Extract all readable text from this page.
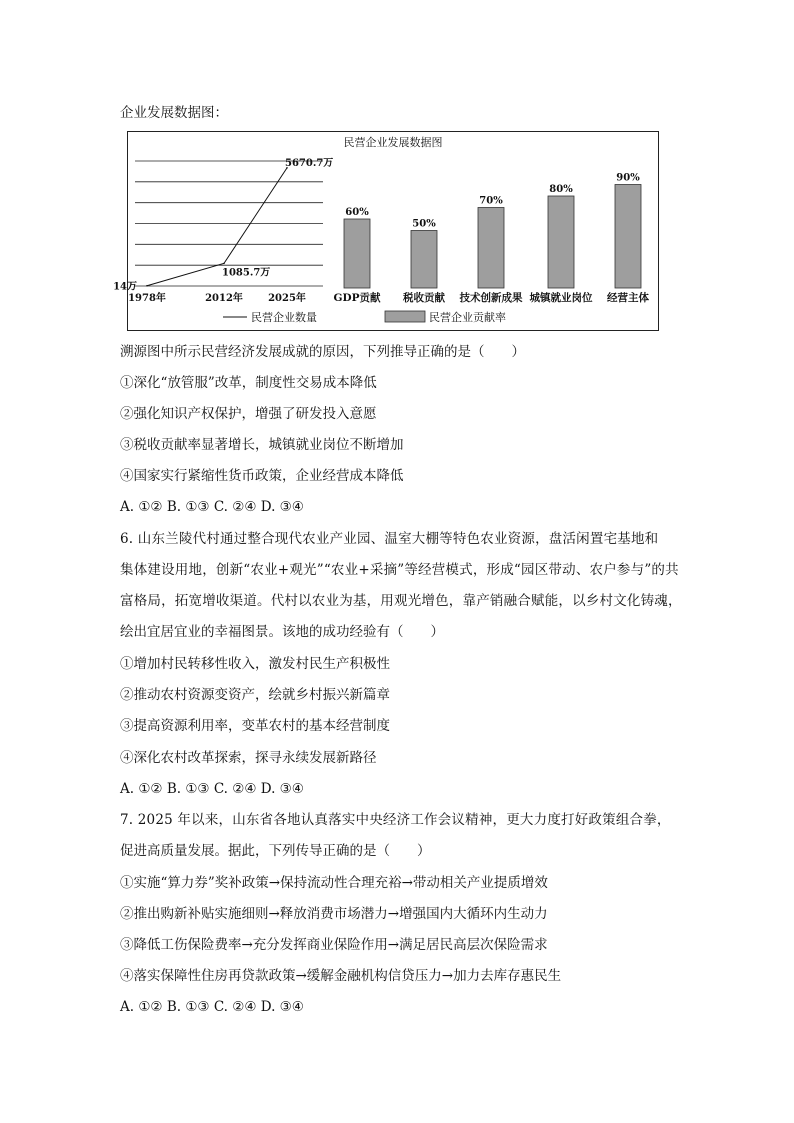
企业发展数据图：
民营企业发展数据图
14万
1085.7万
5670.7万
1978年	2012年	2025年
60%
GDP贡献
50%
税收贡献
70%
技术创新成果
80%
城镇就业岗位
90%
经营主体
民营企业数量	民营企业贡献率
溯源图中所示民营经济发展成就的原因，下列推导正确的是（　　）
①深化“放管服”改革，制度性交易成本降低
②强化知识产权保护，增强了研发投入意愿
③税收贡献率显著增长，城镇就业岗位不断增加
④国家实行紧缩性货币政策，企业经营成本降低
A. ①② B. ①③ C. ②④ D. ③④
6. 山东兰陵代村通过整合现代农业产业园、温室大棚等特色农业资源，盘活闲置宅基地和
集体建设用地，创新“农业+观光”“农业+采摘”等经营模式，形成“园区带动、农户参与”的共
富格局，拓宽增收渠道。代村以农业为基，用观光增色，靠产销融合赋能，以乡村文化铸魂，
绘出宜居宜业的幸福图景。该地的成功经验有（　　）
①增加村民转移性收入，激发村民生产积极性
②推动农村资源变资产，绘就乡村振兴新篇章
③提高资源利用率，变革农村的基本经营制度
④深化农村改革探索，探寻永续发展新路径
A. ①② B. ①③ C. ②④ D. ③④
7. 2025 年以来，山东省各地认真落实中央经济工作会议精神，更大力度打好政策组合拳，
促进高质量发展。据此，下列传导正确的是（　　）
①实施“算力券”奖补政策→保持流动性合理充裕→带动相关产业提质增效
②推出购新补贴实施细则→释放消费市场潜力→增强国内大循环内生动力
③降低工伤保险费率→充分发挥商业保险作用→满足居民高层次保险需求
④落实保障性住房再贷款政策→缓解金融机构信贷压力→加力去库存惠民生
A. ①② B. ①③ C. ②④ D. ③④
